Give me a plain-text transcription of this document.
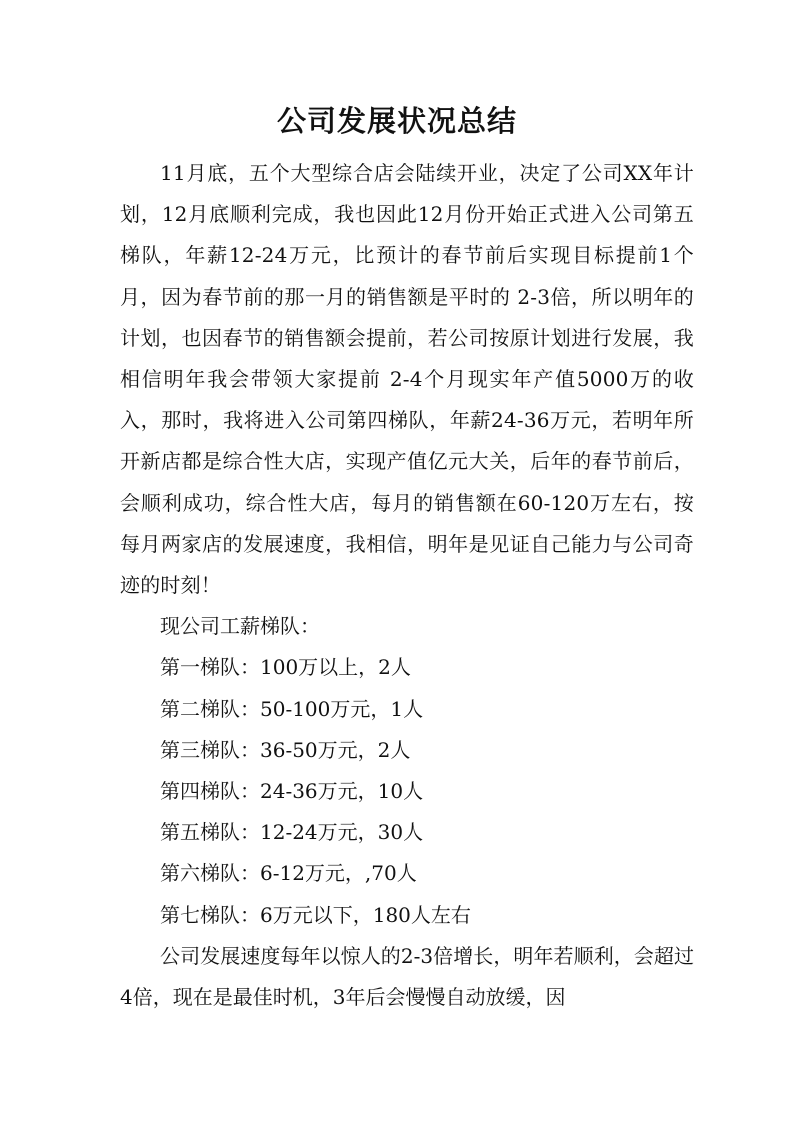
公司发展状况总结

11月底，五个大型综合店会陆续开业，决定了公司XX年计划，12月底顺利完成，我也因此12月份开始正式进入公司第五梯队，年薪12-24万元，比预计的春节前后实现目标提前1个月，因为春节前的那一月的销售额是平时的 2-3倍，所以明年的计划，也因春节的销售额会提前，若公司按原计划进行发展，我相信明年我会带领大家提前 2-4个月现实年产值5000万的收入，那时，我将进入公司第四梯队，年薪24-36万元，若明年所开新店都是综合性大店，实现产值亿元大关，后年的春节前后，会顺利成功，综合性大店，每月的销售额在60-120万左右，按每月两家店的发展速度，我相信，明年是见证自己能力与公司奇迹的时刻！

现公司工薪梯队：

第一梯队：100万以上，2人
第二梯队：50-100万元，1人
第三梯队：36-50万元，2人
第四梯队：24-36万元，10人
第五梯队：12-24万元，30人
第六梯队：6-12万元，,70人
第七梯队：6万元以下，180人左右

公司发展速度每年以惊人的2-3倍增长，明年若顺利，会超过4倍，现在是最佳时机，3年后会慢慢自动放缓，因
